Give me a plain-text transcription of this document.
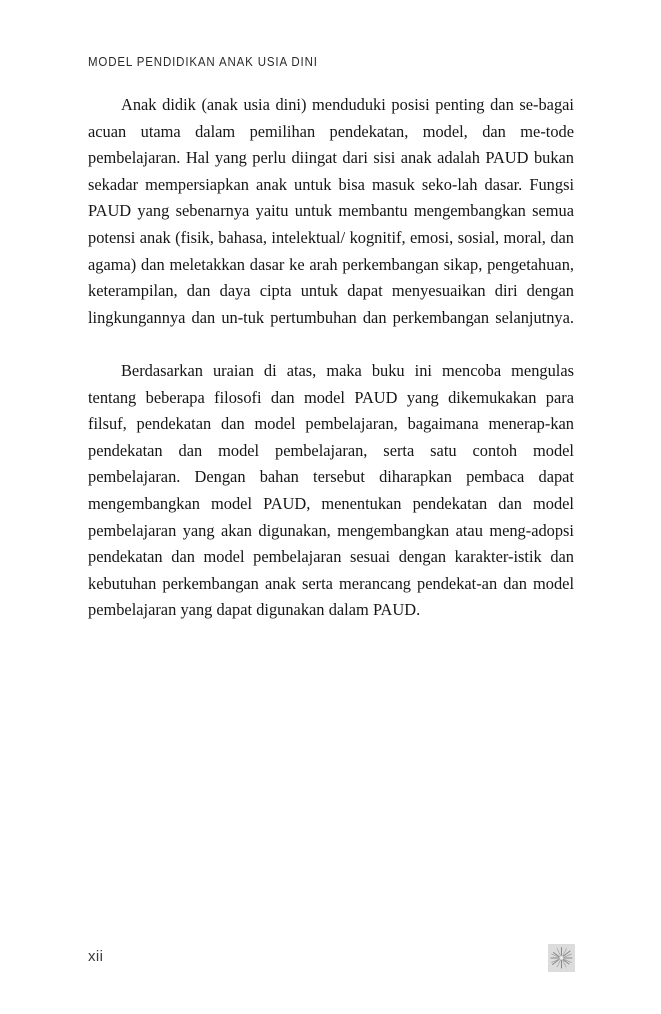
MODEL PENDIDIKAN ANAK USIA DINI

Anak didik (anak usia dini) menduduki posisi penting dan se-bagai acuan utama dalam pemilihan pendekatan, model, dan me-tode pembelajaran. Hal yang perlu diingat dari sisi anak adalah PAUD bukan sekadar mempersiapkan anak untuk bisa masuk seko-lah dasar. Fungsi PAUD yang sebenarnya yaitu untuk membantu mengembangkan semua potensi anak (fisik, bahasa, intelektual/ kognitif, emosi, sosial, moral, dan agama) dan meletakkan dasar ke arah perkembangan sikap, pengetahuan, keterampilan, dan daya cipta untuk dapat menyesuaikan diri dengan lingkungannya dan un-tuk pertumbuhan dan perkembangan selanjutnya.

Berdasarkan uraian di atas, maka buku ini mencoba mengulas tentang beberapa filosofi dan model PAUD yang dikemukakan para filsuf, pendekatan dan model pembelajaran, bagaimana menerap-kan pendekatan dan model pembelajaran, serta satu contoh model pembelajaran. Dengan bahan tersebut diharapkan pembaca dapat mengembangkan model PAUD, menentukan pendekatan dan model pembelajaran yang akan digunakan, mengembangkan atau meng-adopsi pendekatan dan model pembelajaran sesuai dengan karakter-istik dan kebutuhan perkembangan anak serta merancang pendekat-an dan model pembelajaran yang dapat digunakan dalam PAUD.

xii
